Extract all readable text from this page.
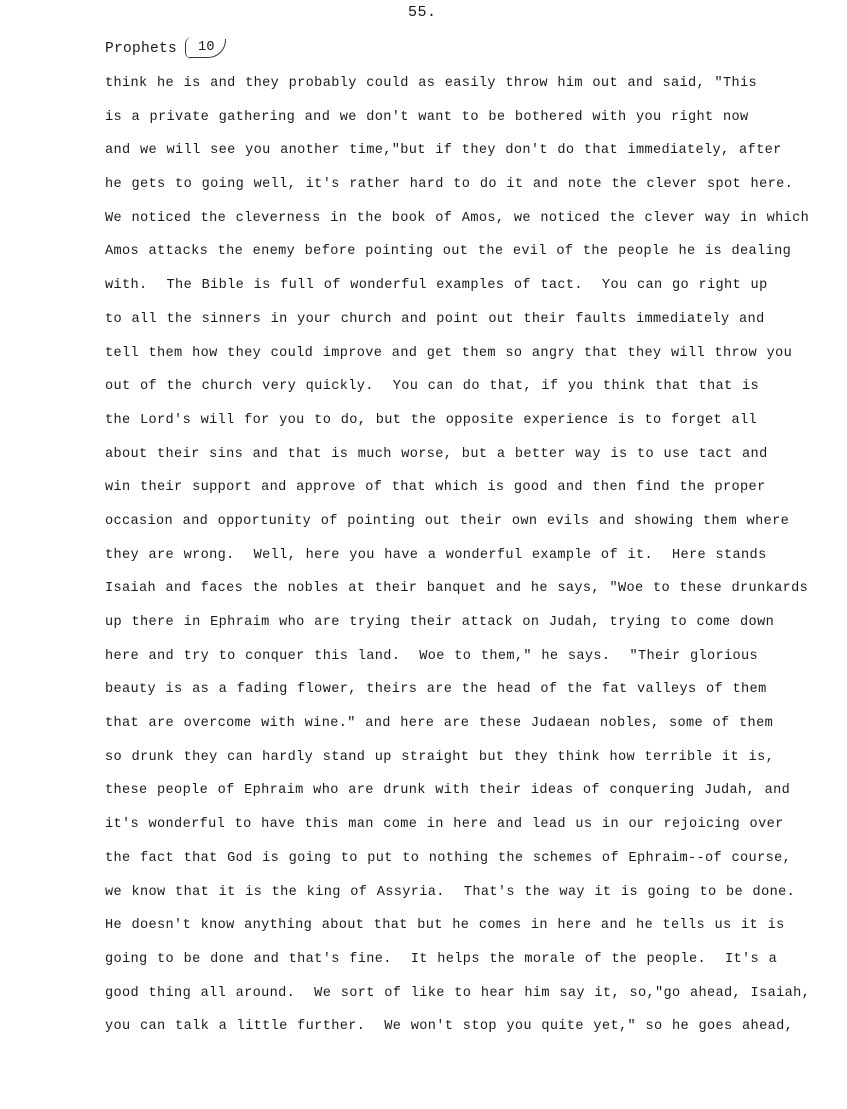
55.
Prophets	10
think he is and they probably could as easily throw him out and said, "This
is a private gathering and we don't want to be bothered with you right now
and we will see you another time,"but if they don't do that immediately, after
he gets to going well, it's rather hard to do it and note the clever spot here.
We noticed the cleverness in the book of Amos, we noticed the clever way in which
Amos attacks the enemy before pointing out the evil of the people he is dealing
with.  The Bible is full of wonderful examples of tact.  You can go right up
to all the sinners in your church and point out their faults immediately and
tell them how they could improve and get them so angry that they will throw you
out of the church very quickly.  You can do that, if you think that that is
the Lord's will for you to do, but the opposite experience is to forget all
about their sins and that is much worse, but a better way is to use tact and
win their support and approve of that which is good and then find the proper
occasion and opportunity of pointing out their own evils and showing them where
they are wrong.  Well, here you have a wonderful example of it.  Here stands
Isaiah and faces the nobles at their banquet and he says, "Woe to these drunkards
up there in Ephraim who are trying their attack on Judah, trying to come down
here and try to conquer this land.  Woe to them," he says.  "Their glorious
beauty is as a fading flower, theirs are the head of the fat valleys of them
that are overcome with wine." and here are these Judaean nobles, some of them
so drunk they can hardly stand up straight but they think how terrible it is,
these people of Ephraim who are drunk with their ideas of conquering Judah, and
it's wonderful to have this man come in here and lead us in our rejoicing over
the fact that God is going to put to nothing the schemes of Ephraim--of course,
we know that it is the king of Assyria.  That's the way it is going to be done.
He doesn't know anything about that but he comes in here and he tells us it is
going to be done and that's fine.  It helps the morale of the people.  It's a
good thing all around.  We sort of like to hear him say it, so,"go ahead, Isaiah,
you can talk a little further.  We won't stop you quite yet," so he goes ahead,
